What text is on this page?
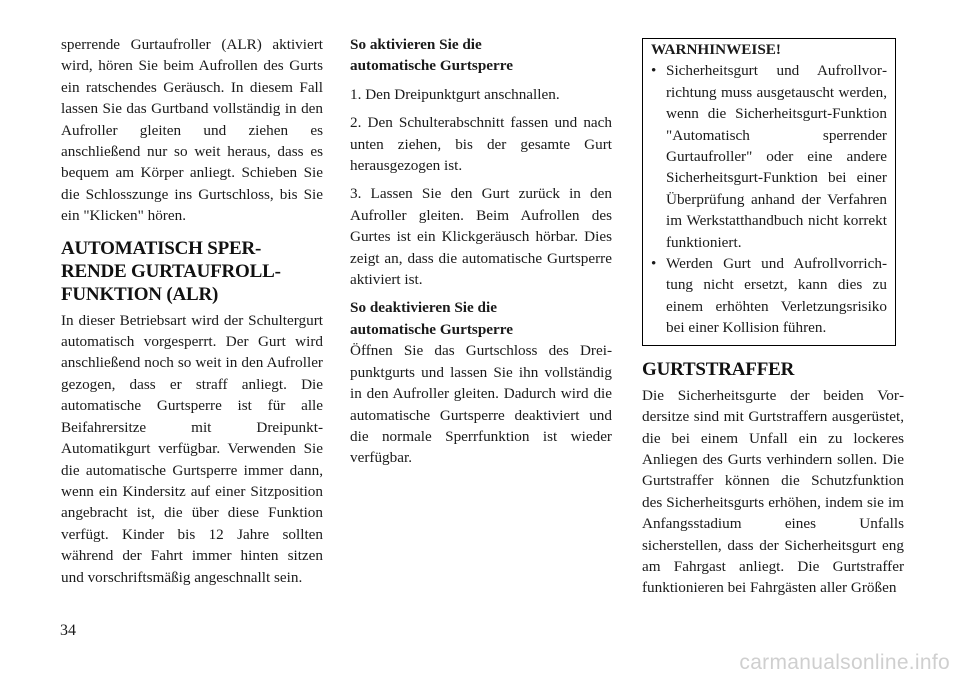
sperrende Gurtaufroller (ALR) aktiviert wird, hören Sie beim Aufrollen des Gurts ein ratschendes Geräusch. In diesem Fall lassen Sie das Gurtband vollständig in den Aufroller gleiten und ziehen es anschließend nur so weit heraus, dass es bequem am Körper anliegt. Schieben Sie die Schlosszunge ins Gurtschloss, bis Sie ein "Klicken" hören.

AUTOMATISCH SPER-
RENDE GURTAUFROLL-
FUNKTION (ALR)

In dieser Betriebsart wird der Schultergurt automatisch vorgesperrt. Der Gurt wird anschließend noch so weit in den Aufroller gezogen, dass er straff anliegt. Die automatische Gurtsperre ist für alle Beifahrersitze mit Dreipunkt-Automatikgurt verfügbar. Verwenden Sie die automatische Gurtsperre immer dann, wenn ein Kindersitz auf einer Sitzposition angebracht ist, die über diese Funktion verfügt. Kinder bis 12 Jahre sollten während der Fahrt immer hinten sitzen und vorschriftsmäßig angeschnallt sein.

So aktivieren Sie die
automatische Gurtsperre

1. Den Dreipunktgurt anschnallen.

2. Den Schulterabschnitt fassen und nach unten ziehen, bis der gesamte Gurt herausgezogen ist.

3. Lassen Sie den Gurt zurück in den Aufroller gleiten. Beim Aufrollen des Gurtes ist ein Klickgeräusch hörbar. Dies zeigt an, dass die automatische Gurtsperre aktiviert ist.

So deaktivieren Sie die
automatische Gurtsperre

Öffnen Sie das Gurtschloss des Dreipunktgurts und lassen Sie ihn vollständig in den Aufroller gleiten. Dadurch wird die automatische Gurtsperre deaktiviert und die normale Sperrfunktion ist wieder verfügbar.

WARNHINWEISE!
• Sicherheitsgurt und Aufrollvorrichtung muss ausgetauscht werden, wenn die Sicherheitsgurt-Funktion "Automatisch sperrender Gurtaufroller" oder eine andere Sicherheitsgurt-Funktion bei einer Überprüfung anhand der Verfahren im Werkstatthandbuch nicht korrekt funktioniert.
• Werden Gurt und Aufrollvorrichtung nicht ersetzt, kann dies zu einem erhöhten Verletzungsrisiko bei einer Kollision führen.
GURTSTRAFFER

Die Sicherheitsgurte der beiden Vordersitze sind mit Gurtstraffern ausgerüstet, die bei einem Unfall ein zu lockeres Anliegen des Gurts verhindern sollen. Die Gurtstraffer können die Schutzfunktion des Sicherheitsgurts erhöhen, indem sie im Anfangsstadium eines Unfalls sicherstellen, dass der Sicherheitsgurt eng am Fahrgast anliegt. Die Gurtstraffer funktionieren bei Fahrgästen aller Größen

34
carmanualsonline.info
